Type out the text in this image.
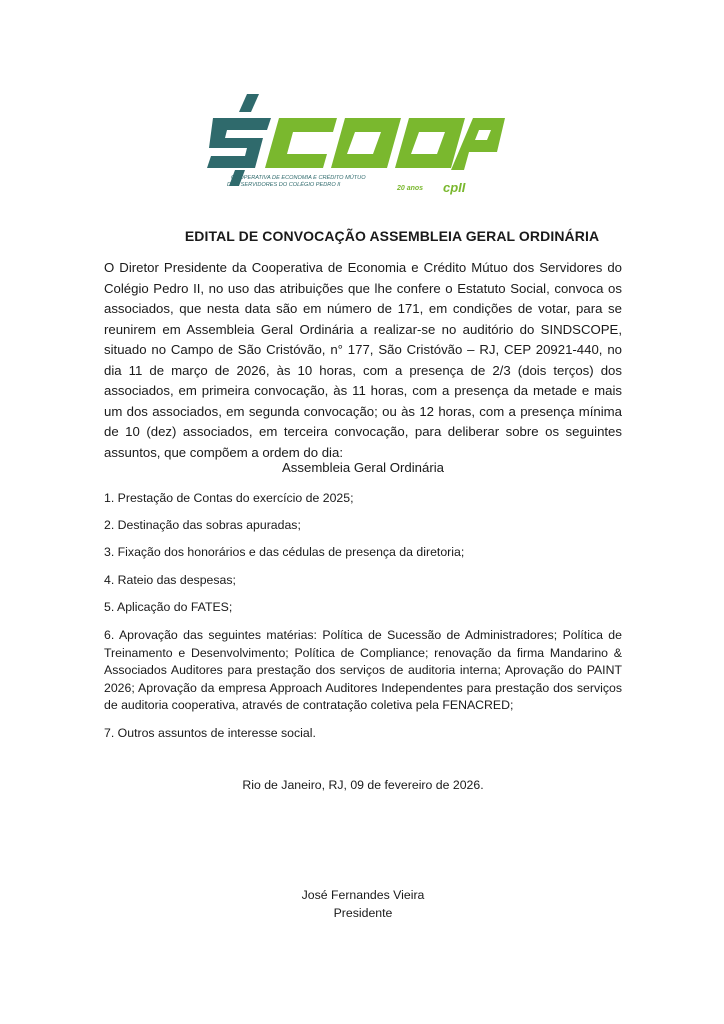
COOPERATIVA DE ECONOMIA E CRÉDITO MÚTUO
DOS SERVIDORES DO COLÉGIO PEDRO II	20 anos cpII
EDITAL DE CONVOCAÇÃO ASSEMBLEIA GERAL ORDINÁRIA
O Diretor Presidente da Cooperativa de Economia e Crédito Mútuo dos Servidores do Colégio Pedro II, no uso das atribuições que lhe confere o Estatuto Social, convoca os associados, que nesta data são em número de 171, em condições de votar, para se reunirem em Assembleia Geral Ordinária a realizar-se no auditório do SINDSCOPE, situado no Campo de São Cristóvão, n° 177, São Cristóvão – RJ, CEP 20921-440, no dia 11 de março de 2026, às 10 horas, com a presença de 2/3 (dois terços) dos associados, em primeira convocação, às 11 horas, com a presença da metade e mais um dos associados, em segunda convocação; ou às 12 horas, com a presença mínima de 10 (dez) associados, em terceira convocação, para deliberar sobre os seguintes assuntos, que compõem a ordem do dia:
Assembleia Geral Ordinária
1. Prestação de Contas do exercício de 2025;
2. Destinação das sobras apuradas;
3. Fixação dos honorários e das cédulas de presença da diretoria;
4. Rateio das despesas;
5. Aplicação do FATES;
6. Aprovação das seguintes matérias: Política de Sucessão de Administradores; Política de Treinamento e Desenvolvimento; Política de Compliance; renovação da firma Mandarino & Associados Auditores para prestação dos serviços de auditoria interna; Aprovação do PAINT 2026; Aprovação da empresa Approach Auditores Independentes para prestação dos serviços de auditoria cooperativa, através de contratação coletiva pela FENACRED;
7. Outros assuntos de interesse social.
Rio de Janeiro, RJ, 09 de fevereiro de 2026.
José Fernandes Vieira
Presidente
